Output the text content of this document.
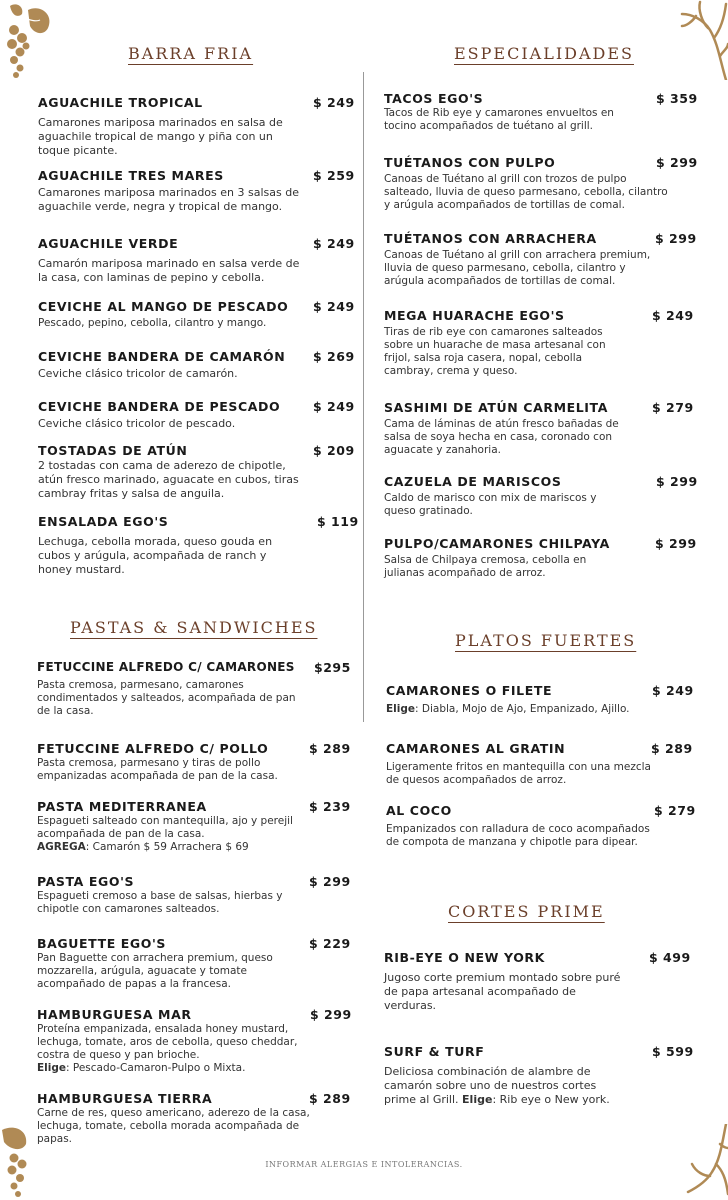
BARRA FRIA	ESPECIALIDADES
PASTAS & SANDWICHES
PLATOS FUERTES
CORTES PRIME
AGUACHILE TROPICAL	$ 249
Camarones mariposa marinados en salsa de aguachile tropical de mango y piña con un toque picante.
AGUACHILE TRES MARES	$ 259
Camarones mariposa marinados en 3 salsas de aguachile verde, negra y tropical de mango.
AGUACHILE VERDE	$ 249
Camarón mariposa marinado en salsa verde de la casa, con laminas de pepino y cebolla.
CEVICHE AL MANGO DE PESCADO	$ 249
Pescado, pepino, cebolla, cilantro y mango.
CEVICHE BANDERA DE CAMARÓN	$ 269
Ceviche clásico tricolor de camarón.
CEVICHE BANDERA DE PESCADO	$ 249
Ceviche clásico tricolor de pescado.
TOSTADAS DE ATÚN	$ 209
2 tostadas con cama de aderezo de chipotle, atún fresco marinado, aguacate en cubos, tiras cambray fritas y salsa de anguila.
ENSALADA EGO'S	$ 119
Lechuga, cebolla morada, queso gouda en cubos y arúgula, acompañada de ranch y honey mustard.
TACOS EGO'S	$ 359
Tacos de Rib eye y camarones envueltos en tocino acompañados de tuétano al grill.
TUÉTANOS CON PULPO	$ 299
Canoas de Tuétano al grill con trozos de pulpo salteado, lluvia de queso parmesano, cebolla, cilantro y arúgula acompañados de tortillas de comal.
TUÉTANOS CON ARRACHERA	$ 299
Canoas de Tuétano al grill con arrachera premium, lluvia de queso parmesano, cebolla, cilantro y arúgula acompañados de tortillas de comal.
MEGA HUARACHE EGO'S	$ 249
Tiras de rib eye con camarones salteados sobre un huarache de masa artesanal con frijol, salsa roja casera, nopal, cebolla cambray, crema y queso.
SASHIMI DE ATÚN CARMELITA	$ 279
Cama de láminas de atún fresco bañadas de salsa de soya hecha en casa, coronado con aguacate y zanahoria.
CAZUELA DE MARISCOS	$ 299
Caldo de marisco con mix de mariscos y queso gratinado.
PULPO/CAMARONES CHILPAYA	$ 299
Salsa de Chilpaya cremosa, cebolla en julianas acompañado de arroz.
FETUCCINE ALFREDO C/ CAMARONES	$295
Pasta cremosa, parmesano, camarones condimentados y salteados, acompañada de pan de la casa.
FETUCCINE ALFREDO C/ POLLO	$ 289
Pasta cremosa, parmesano y tiras de pollo empanizadas acompañada de pan de la casa.
PASTA MEDITERRANEA	$ 239
Espagueti salteado con mantequilla, ajo y perejil acompañada de pan de la casa.
AGREGA: Camarón $ 59 Arrachera $ 69
PASTA EGO'S	$ 299
Espagueti cremoso a base de salsas, hierbas y chipotle con camarones salteados.
BAGUETTE EGO'S	$ 229
Pan Baguette con arrachera premium, queso mozzarella, arúgula, aguacate y tomate acompañado de papas a la francesa.
HAMBURGUESA MAR	$ 299
Proteína empanizada, ensalada honey mustard, lechuga, tomate, aros de cebolla, queso cheddar, costra de queso y pan brioche.
Elige: Pescado-Camaron-Pulpo o Mixta.
HAMBURGUESA TIERRA	$ 289
Carne de res, queso americano, aderezo de la casa, lechuga, tomate, cebolla morada acompañada de papas.
CAMARONES O FILETE	$ 249
Elige: Diabla, Mojo de Ajo, Empanizado, Ajillo.
CAMARONES AL GRATIN	$ 289
Ligeramente fritos en mantequilla con una mezcla de quesos acompañados de arroz.
AL COCO	$ 279
Empanizados con ralladura de coco acompañados de compota de manzana y chipotle para dipear.
RIB-EYE O NEW YORK	$ 499
Jugoso corte premium montado sobre puré de papa artesanal acompañado de verduras.
SURF & TURF	$ 599
Deliciosa combinación de alambre de camarón sobre uno de nuestros cortes prime al Grill. Elige: Rib eye o New york.
INFORMAR ALERGIAS E INTOLERANCIAS.
